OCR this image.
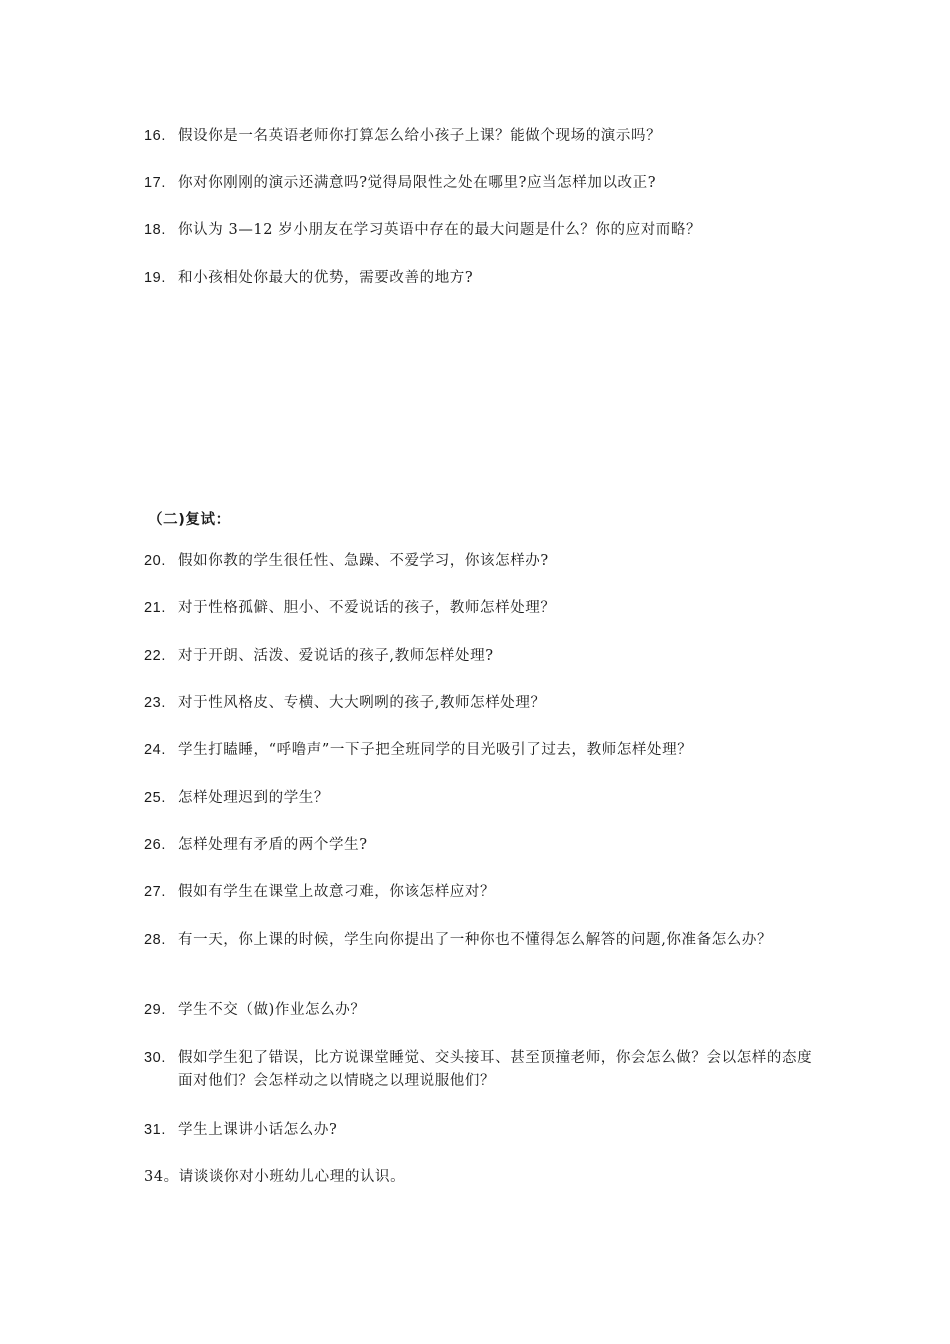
16. 假设你是一名英语老师你打算怎么给小孩子上课？能做个现场的演示吗？
17. 你对你刚刚的演示还满意吗?觉得局限性之处在哪里?应当怎样加以改正?
18. 你认为 3—12 岁小朋友在学习英语中存在的最大问题是什么？你的应对而略？
19. 和小孩相处你最大的优势，需要改善的地方?
（二)复试：
20. 假如你教的学生很任性、急躁、不爱学习，你该怎样办?
21. 对于性格孤僻、胆小、不爱说话的孩子，教师怎样处理？
22. 对于开朗、活泼、爱说话的孩子,教师怎样处理?
23. 对于性风格皮、专横、大大咧咧的孩子,教师怎样处理？
24. 学生打瞌睡，“呼噜声”一下子把全班同学的目光吸引了过去，教师怎样处理？
25. 怎样处理迟到的学生？
26. 怎样处理有矛盾的两个学生?
27. 假如有学生在课堂上故意刁难，你该怎样应对？
28. 有一天，你上课的时候，学生向你提出了一种你也不懂得怎么解答的问题,你准备怎么办？
29. 学生不交（做)作业怎么办？
30. 假如学生犯了错误，比方说课堂睡觉、交头接耳、甚至顶撞老师，你会怎么做？会以怎样的态度面对他们？会怎样动之以情晓之以理说服他们？
31. 学生上课讲小话怎么办?
34。请谈谈你对小班幼儿心理的认识。
